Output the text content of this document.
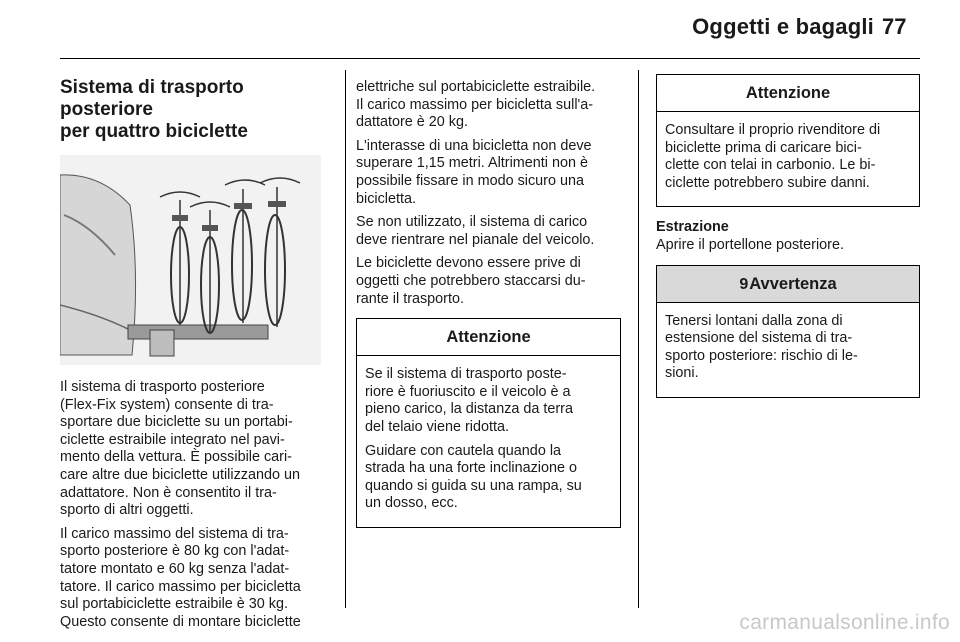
Oggetti e bagagli 77
Sistema di trasporto posteriore
per quattro biciclette

Il sistema di trasporto posteriore
(Flex-Fix system) consente di tra-
sportare due biciclette su un portabi-
ciclette estraibile integrato nel pavi-
mento della vettura. È possibile cari-
care altre due biciclette utilizzando un
adattatore. Non è consentito il tra-
sporto di altri oggetti.

Il carico massimo del sistema di tra-
sporto posteriore è 80 kg con l'adat-
tatore montato e 60 kg senza l'adat-
tatore. Il carico massimo per bicicletta
sul portabiciclette estraibile è 30 kg.
Questo consente di montare biciclette

elettriche sul portabiciclette estraibile.
Il carico massimo per bicicletta sull'a-
dattatore è 20 kg.

L'interasse di una bicicletta non deve
superare 1,15 metri. Altrimenti non è
possibile fissare in modo sicuro una
bicicletta.

Se non utilizzato, il sistema di carico
deve rientrare nel pianale del veicolo.

Le biciclette devono essere prive di
oggetti che potrebbero staccarsi du-
rante il trasporto.

Attenzione

Se il sistema di trasporto poste-
riore è fuoriuscito e il veicolo è a
pieno carico, la distanza da terra
del telaio viene ridotta.

Guidare con cautela quando la
strada ha una forte inclinazione o
quando si guida su una rampa, su
un dosso, ecc.

Attenzione

Consultare il proprio rivenditore di
biciclette prima di caricare bici-
clette con telai in carbonio. Le bi-
ciclette potrebbero subire danni.

Estrazione
Aprire il portellone posteriore.
9Avvertenza

Tenersi lontani dalla zona di
estensione del sistema di tra-
sporto posteriore: rischio di le-
sioni.

carmanualsonline.info
